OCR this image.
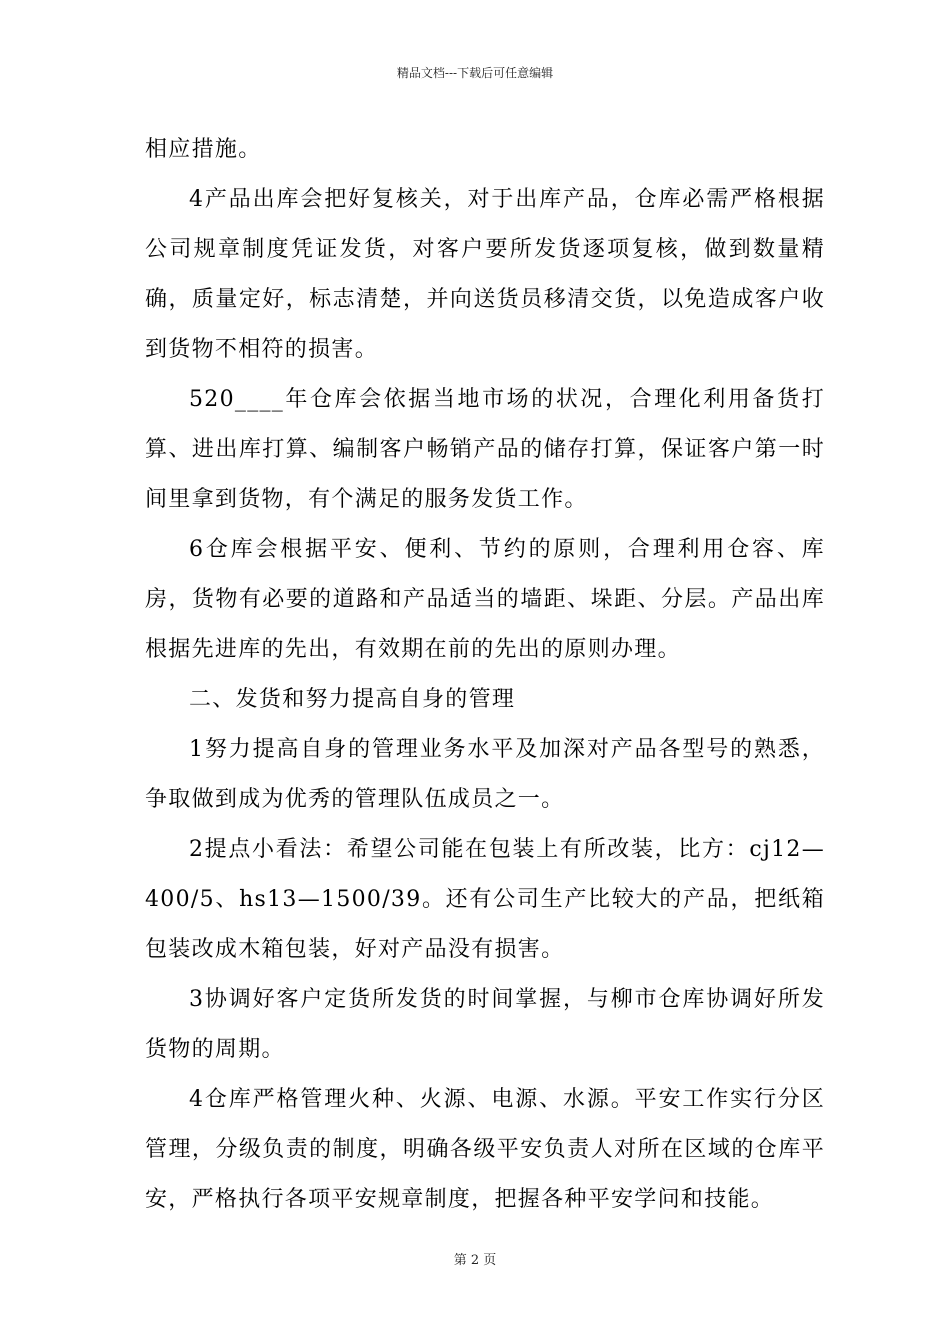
精品文档---下载后可任意编辑

相应措施。

4产品出库会把好复核关，对于出库产品，仓库必需严格根据公司规章制度凭证发货，对客户要所发货逐项复核，做到数量精确，质量定好，标志清楚，并向送货员移清交货，以免造成客户收到货物不相符的损害。

520____年仓库会依据当地市场的状况，合理化利用备货打算、进出库打算、编制客户畅销产品的储存打算，保证客户第一时间里拿到货物，有个满足的服务发货工作。

6仓库会根据平安、便利、节约的原则，合理利用仓容、库房，货物有必要的道路和产品适当的墙距、垛距、分层。产品出库根据先进库的先出，有效期在前的先出的原则办理。

二、发货和努力提高自身的管理

1努力提高自身的管理业务水平及加深对产品各型号的熟悉，争取做到成为优秀的管理队伍成员之一。

2提点小看法：希望公司能在包装上有所改装，比方：cj12—400/5、hs13—1500/39。还有公司生产比较大的产品，把纸箱包装改成木箱包装，好对产品没有损害。

3协调好客户定货所发货的时间掌握，与柳市仓库协调好所发货物的周期。

4仓库严格管理火种、火源、电源、水源。平安工作实行分区管理，分级负责的制度，明确各级平安负责人对所在区域的仓库平安，严格执行各项平安规章制度，把握各种平安学问和技能。

第 2 页
